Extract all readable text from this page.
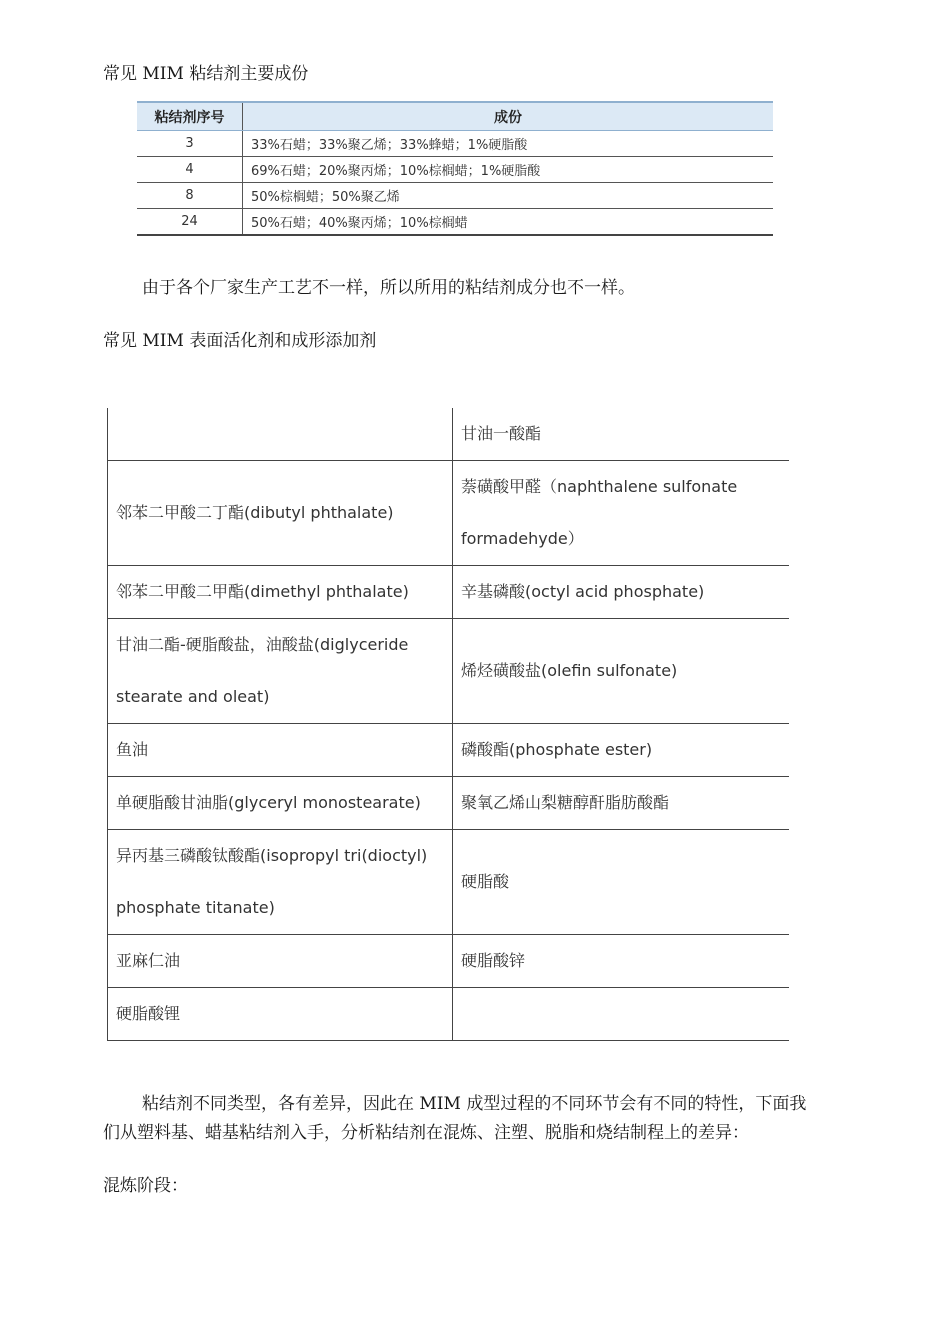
常见 MIM 粘结剂主要成份
粘结剂序号	成份
3	33%石蜡；33%聚乙烯；33%蜂蜡；1%硬脂酸
4	69%石蜡；20%聚丙烯；10%棕榈蜡；1%硬脂酸
8	50%棕榈蜡；50%聚乙烯
24	50%石蜡；40%聚丙烯；10%棕榈蜡
由于各个厂家生产工艺不一样，所以所用的粘结剂成分也不一样。
常见 MIM 表面活化剂和成形添加剂
	甘油一酸酯
邻苯二甲酸二丁酯(dibutyl phthalate)	萘磺酸甲醛（naphthalene sulfonate formadehyde）
邻苯二甲酸二甲酯(dimethyl phthalate)	辛基磷酸(octyl acid phosphate)
甘油二酯-硬脂酸盐，油酸盐(diglyceride stearate and oleat)	烯烃磺酸盐(olefin sulfonate)
鱼油	磷酸酯(phosphate ester)
单硬脂酸甘油脂(glyceryl monostearate)	聚氧乙烯山梨糖醇酐脂肪酸酯
异丙基三磷酸钛酸酯(isopropyl tri(dioctyl) phosphate titanate)	硬脂酸
亚麻仁油	硬脂酸锌
硬脂酸锂	
粘结剂不同类型，各有差异，因此在 MIM 成型过程的不同环节会有不同的特性，下面我
们从塑料基、蜡基粘结剂入手，分析粘结剂在混炼、注塑、脱脂和烧结制程上的差异：
混炼阶段：
